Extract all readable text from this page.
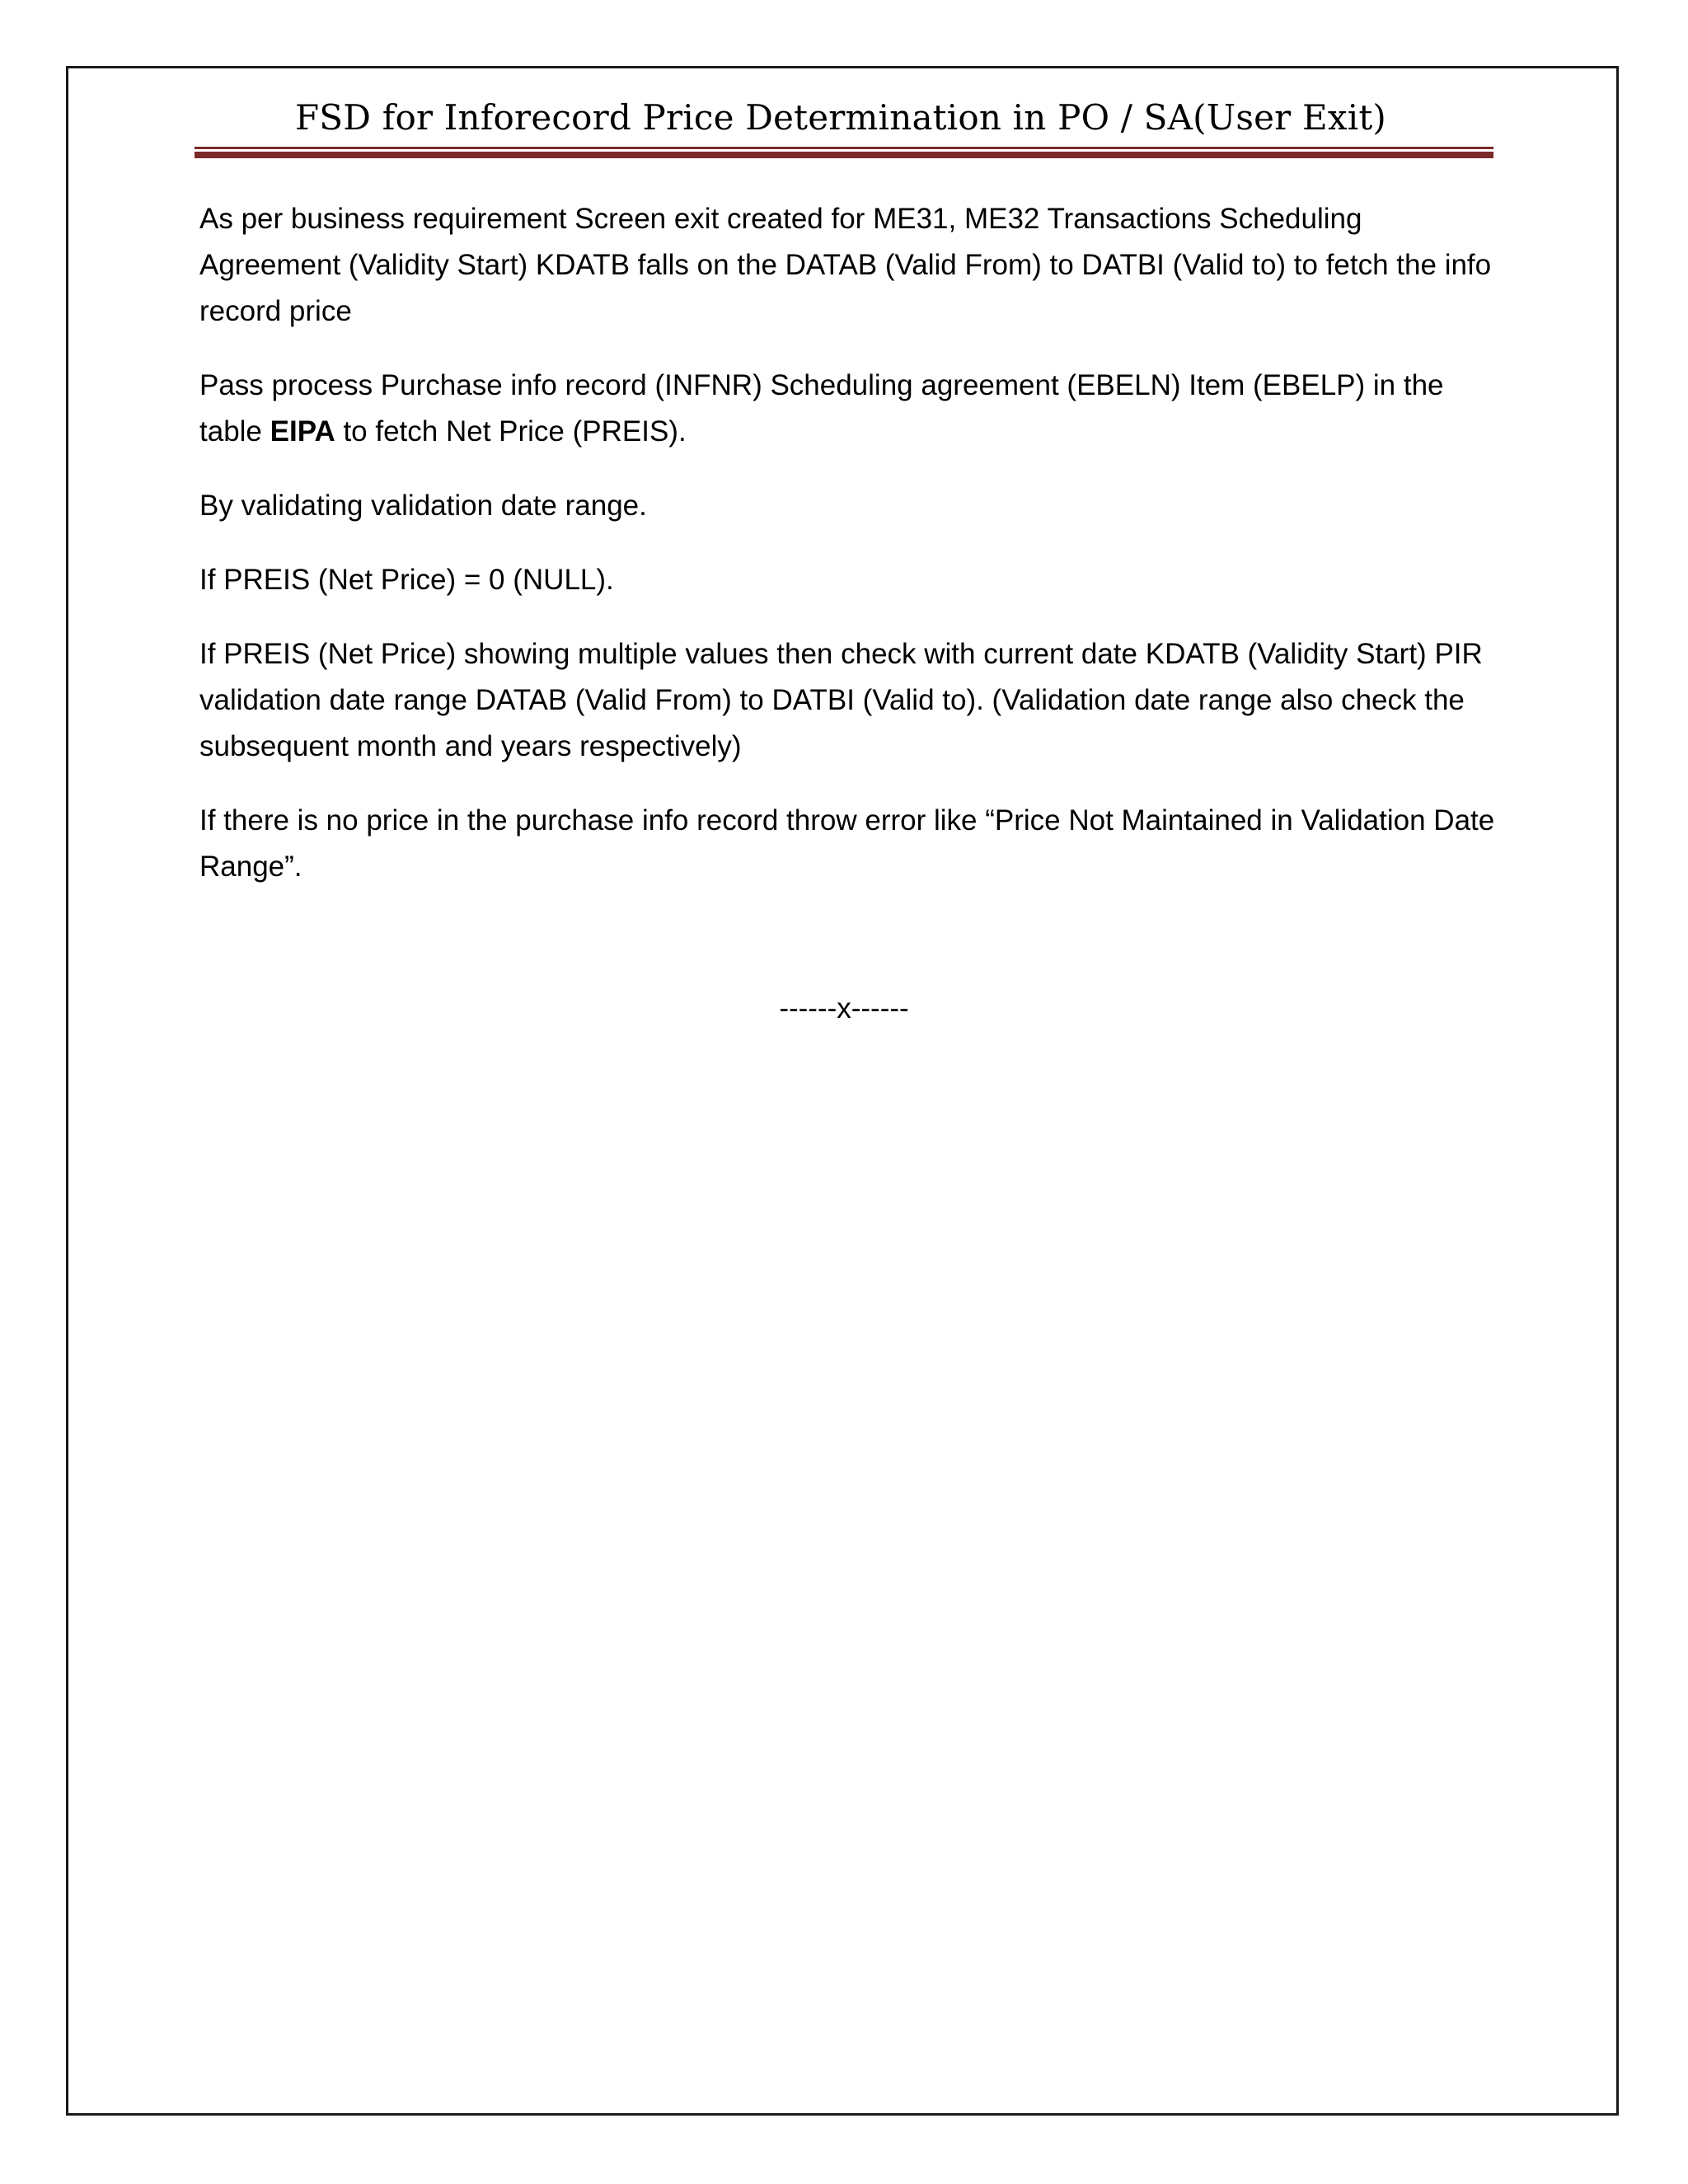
FSD for Inforecord Price Determination in PO / SA(User Exit)

As per business requirement Screen exit created for ME31, ME32 Transactions Scheduling Agreement (Validity Start) KDATB falls on the DATAB (Valid From) to DATBI (Valid to) to fetch the info record price

Pass process Purchase info record (INFNR) Scheduling agreement (EBELN) Item (EBELP) in the table EIPA to fetch Net Price (PREIS).

By validating validation date range.

If PREIS (Net Price) = 0 (NULL).

If PREIS (Net Price) showing multiple values then check with current date KDATB (Validity Start) PIR validation date range DATAB (Valid From) to DATBI (Valid to). (Validation date range also check the subsequent month and years respectively)

If there is no price in the purchase info record throw error like “Price Not Maintained in Validation Date Range”.

------x------
